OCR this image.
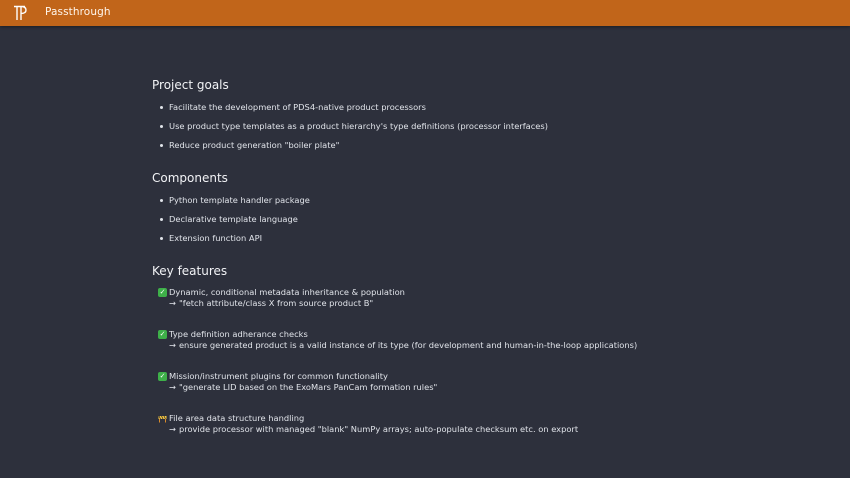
Passthrough
Project goals
Facilitate the development of PDS4-native product processors
Use product type templates as a product hierarchy's type definitions (processor interfaces)
Reduce product generation "boiler plate"
Components
Python template handler package
Declarative template language
Extension function API
Key features
✓ Dynamic, conditional metadata inheritance & population
→ "fetch attribute/class X from source product B"
✓ Type definition adherance checks
→ ensure generated product is a valid instance of its type (for development and human-in-the-loop applications)
✓ Mission/instrument plugins for common functionality
→ "generate LID based on the ExoMars PanCam formation rules"
File area data structure handling
→ provide processor with managed "blank" NumPy arrays; auto-populate checksum etc. on export
